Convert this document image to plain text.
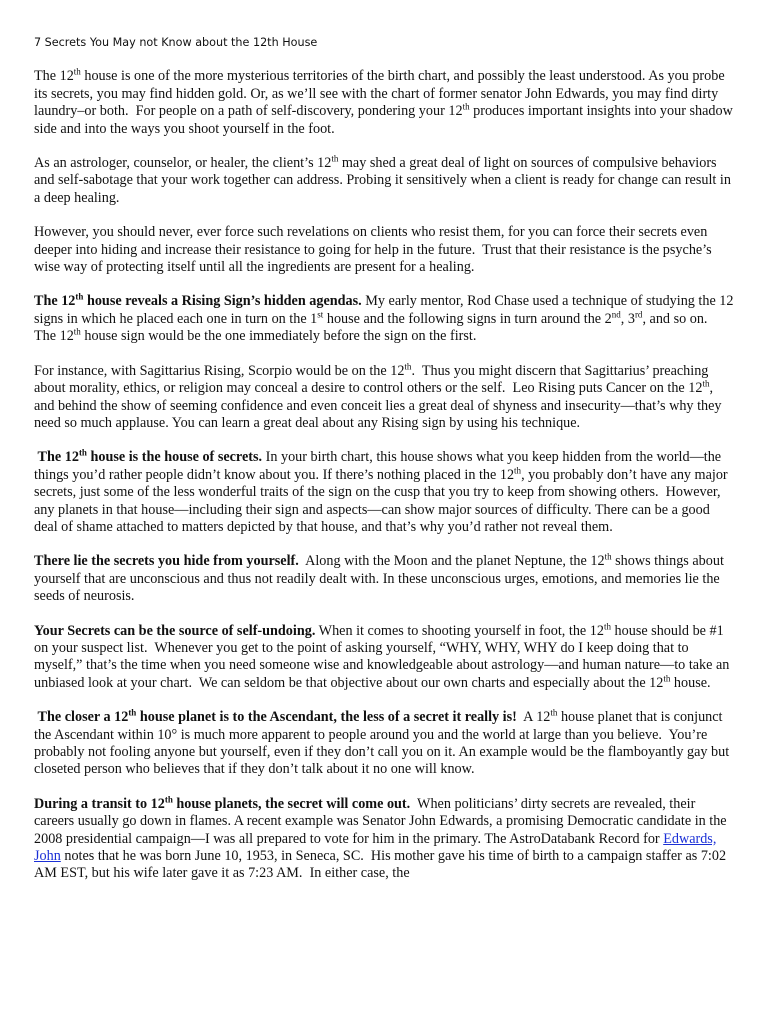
7 Secrets You May not Know about the 12th House

The 12th house is one of the more mysterious territories of the birth chart, and possibly the least understood. As you probe its secrets, you may find hidden gold. Or, as we’ll see with the chart of former senator John Edwards, you may find dirty laundry–or both.  For people on a path of self-discovery, pondering your 12th produces important insights into your shadow side and into the ways you shoot yourself in the foot.

As an astrologer, counselor, or healer, the client’s 12th may shed a great deal of light on sources of compulsive behaviors and self-sabotage that your work together can address. Probing it sensitively when a client is ready for change can result in a deep healing.

However, you should never, ever force such revelations on clients who resist them, for you can force their secrets even deeper into hiding and increase their resistance to going for help in the future.  Trust that their resistance is the psyche’s wise way of protecting itself until all the ingredients are present for a healing.

The 12th house reveals a Rising Sign’s hidden agendas. My early mentor, Rod Chase used a technique of studying the 12 signs in which he placed each one in turn on the 1st house and the following signs in turn around the 2nd, 3rd, and so on.  The 12th house sign would be the one immediately before the sign on the first.

For instance, with Sagittarius Rising, Scorpio would be on the 12th.  Thus you might discern that Sagittarius’ preaching about morality, ethics, or religion may conceal a desire to control others or the self.  Leo Rising puts Cancer on the 12th, and behind the show of seeming confidence and even conceit lies a great deal of shyness and insecurity—that’s why they need so much applause. You can learn a great deal about any Rising sign by using his technique.

The 12th house is the house of secrets. In your birth chart, this house shows what you keep hidden from the world—the things you’d rather people didn’t know about you. If there’s nothing placed in the 12th, you probably don’t have any major secrets, just some of the less wonderful traits of the sign on the cusp that you try to keep from showing others.  However, any planets in that house—including their sign and aspects—can show major sources of difficulty. There can be a good deal of shame attached to matters depicted by that house, and that’s why you’d rather not reveal them.

There lie the secrets you hide from yourself.  Along with the Moon and the planet Neptune, the 12th shows things about yourself that are unconscious and thus not readily dealt with. In these unconscious urges, emotions, and memories lie the seeds of neurosis.

Your Secrets can be the source of self-undoing. When it comes to shooting yourself in foot, the 12th house should be #1 on your suspect list.  Whenever you get to the point of asking yourself, “WHY, WHY, WHY do I keep doing that to myself,” that’s the time when you need someone wise and knowledgeable about astrology—and human nature—to take an unbiased look at your chart.  We can seldom be that objective about our own charts and especially about the 12th house.

The closer a 12th house planet is to the Ascendant, the less of a secret it really is!  A 12th house planet that is conjunct the Ascendant within 10° is much more apparent to people around you and the world at large than you believe.  You’re probably not fooling anyone but yourself, even if they don’t call you on it. An example would be the flamboyantly gay but closeted person who believes that if they don’t talk about it no one will know.

During a transit to 12th house planets, the secret will come out.  When politicians’ dirty secrets are revealed, their careers usually go down in flames. A recent example was Senator John Edwards, a promising Democratic candidate in the 2008 presidential campaign—I was all prepared to vote for him in the primary. The AstroDatabank Record for Edwards, John notes that he was born June 10, 1953, in Seneca, SC.  His mother gave his time of birth to a campaign staffer as 7:02 AM EST, but his wife later gave it as 7:23 AM.  In either case, the
